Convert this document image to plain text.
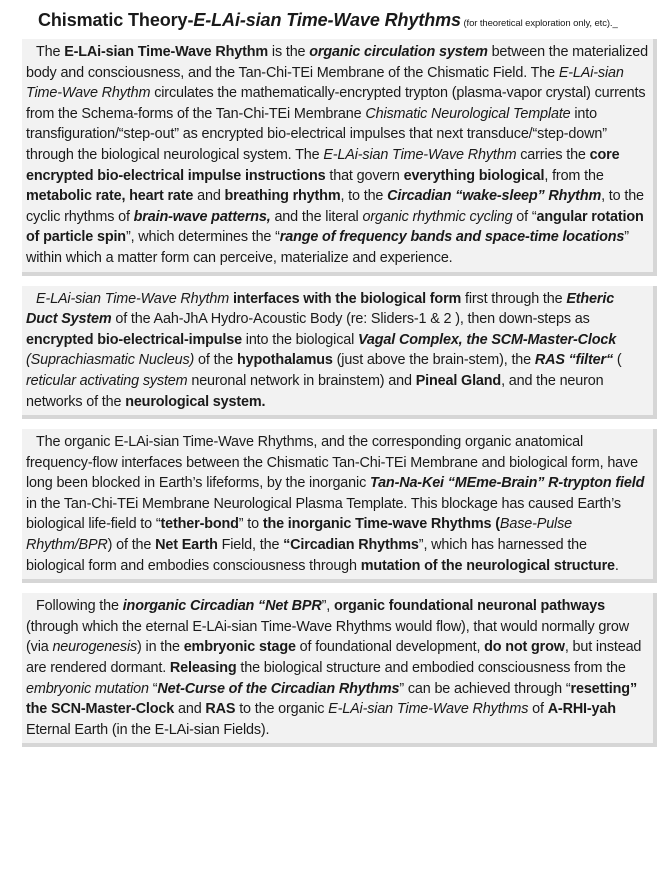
Chismatic Theory-E-LAi-sian Time-Wave Rhythms (for theoretical exploration only, etc)._
The E-LAi-sian Time-Wave Rhythm is the organic circulation system between the materialized body and consciousness, and the Tan-Chi-TEi Membrane of the Chismatic Field. The E-LAi-sian Time-Wave Rhythm circulates the mathematically-encrypted trypton (plasma-vapor crystal) currents from the Schema-forms of the Tan-Chi-TEi Membrane Chismatic Neurological Template into transfiguration/“step-out” as encrypted bio-electrical impulses that next transduce/“step-down” through the biological neurological system. The E-LAi-sian Time-Wave Rhythm carries the core encrypted bio-electrical impulse instructions that govern everything biological, from the metabolic rate, heart rate and breathing rhythm, to the Circadian “wake-sleep” Rhythm, to the cyclic rhythms of brain-wave patterns, and the literal organic rhythmic cycling of “angular rotation of particle spin”, which determines the “range of frequency bands and space-time locations” within which a matter form can perceive, materialize and experience.
E-LAi-sian Time-Wave Rhythm interfaces with the biological form first through the Etheric Duct System of the Aah-JhA Hydro-Acoustic Body (re: Sliders-1 & 2 ), then down-steps as encrypted bio-electrical-impulse into the biological Vagal Complex, the SCM-Master-Clock (Suprachiasmatic Nucleus) of the hypothalamus (just above the brain-stem), the RAS “filter“ ( reticular activating system neuronal network in brainstem) and Pineal Gland, and the neuron networks of the neurological system.
The organic E-LAi-sian Time-Wave Rhythms, and the corresponding organic anatomical frequency-flow interfaces between the Chismatic Tan-Chi-TEi Membrane and biological form, have long been blocked in Earth’s lifeforms, by the inorganic Tan-Na-Kei “MEme-Brain” R-trypton field in the Tan-Chi-TEi Membrane Neurological Plasma Template. This blockage has caused Earth’s biological life-field to “tether-bond” to the inorganic Time-wave Rhythms (Base-Pulse Rhythm/BPR) of the Net Earth Field, the “Circadian Rhythms”, which has harnessed the biological form and embodies consciousness through mutation of the neurological structure.
Following the inorganic Circadian “Net BPR”, organic foundational neuronal pathways (through which the eternal E-LAi-sian Time-Wave Rhythms would flow), that would normally grow (via neurogenesis) in the embryonic stage of foundational development, do not grow, but instead are rendered dormant. Releasing the biological structure and embodied consciousness from the embryonic mutation “Net-Curse of the Circadian Rhythms” can be achieved through “resetting” the SCN-Master-Clock and RAS to the organic E-LAi-sian Time-Wave Rhythms of A-RHI-yah Eternal Earth (in the E-LAi-sian Fields).
